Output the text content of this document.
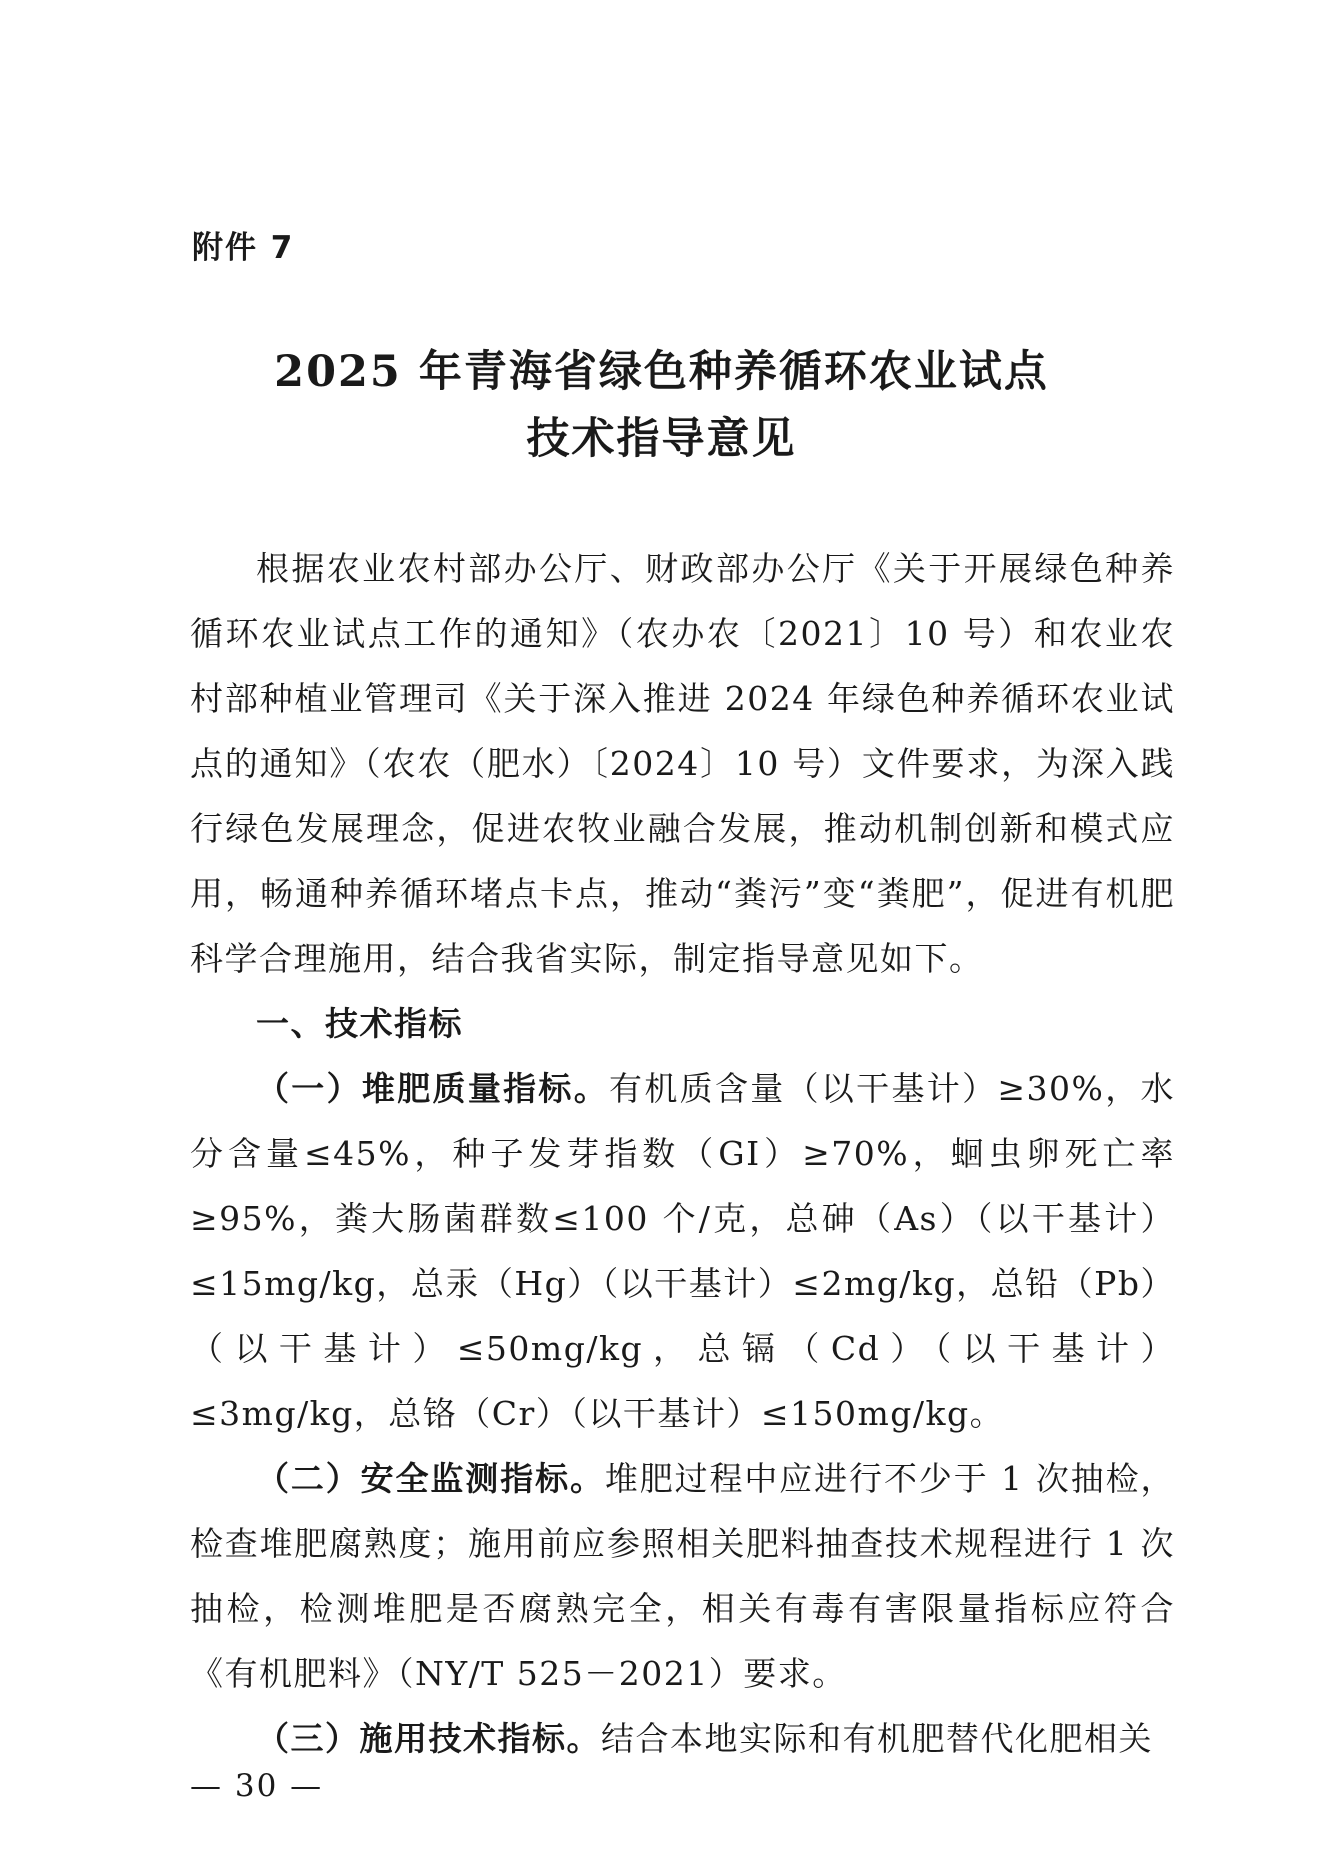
附件 7
2025 年青海省绿色种养循环农业试点
技术指导意见

根据农业农村部办公厅、财政部办公厅《关于开展绿色种养循环农业试点工作的通知》（农办农〔2021〕10 号）和农业农村部种植业管理司《关于深入推进 2024 年绿色种养循环农业试点的通知》（农农（肥水）〔2024〕10 号）文件要求，为深入践行绿色发展理念，促进农牧业融合发展，推动机制创新和模式应用，畅通种养循环堵点卡点，推动“粪污”变“粪肥”，促进有机肥科学合理施用，结合我省实际，制定指导意见如下。

一、技术指标

（一）堆肥质量指标。有机质含量（以干基计）≥30%，水分含量≤45%，种子发芽指数（GI）≥70%，蛔虫卵死亡率≥95%，粪大肠菌群数≤100 个/克，总砷（As）（以干基计）≤15mg/kg，总汞（Hg）（以干基计）≤2mg/kg，总铅（Pb）（以干基计）≤50mg/kg，总镉（Cd）（以干基计）≤3mg/kg，总铬（Cr）（以干基计）≤150mg/kg。

（二）安全监测指标。堆肥过程中应进行不少于 1 次抽检，检查堆肥腐熟度；施用前应参照相关肥料抽查技术规程进行 1 次抽检，检测堆肥是否腐熟完全，相关有毒有害限量指标应符合《有机肥料》（NY/T 525－2021）要求。

（三）施用技术指标。结合本地实际和有机肥替代化肥相关

— 30 —
